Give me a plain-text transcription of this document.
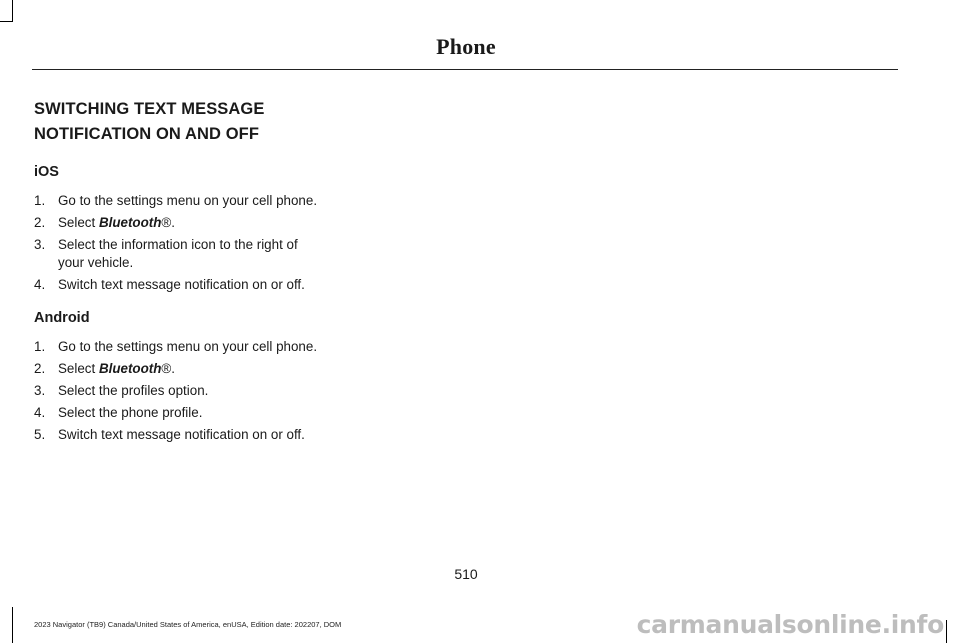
Phone
SWITCHING TEXT MESSAGE
NOTIFICATION ON AND OFF
iOS
1. Go to the settings menu on your cell phone.
2. Select Bluetooth®.
3. Select the information icon to the right of your vehicle.
4. Switch text message notification on or off.
Android
1. Go to the settings menu on your cell phone.
2. Select Bluetooth®.
3. Select the profiles option.
4. Select the phone profile.
5. Switch text message notification on or off.
510
2023 Navigator (TB9) Canada/United States of America, enUSA, Edition date: 202207, DOM	carmanualsonline.info
